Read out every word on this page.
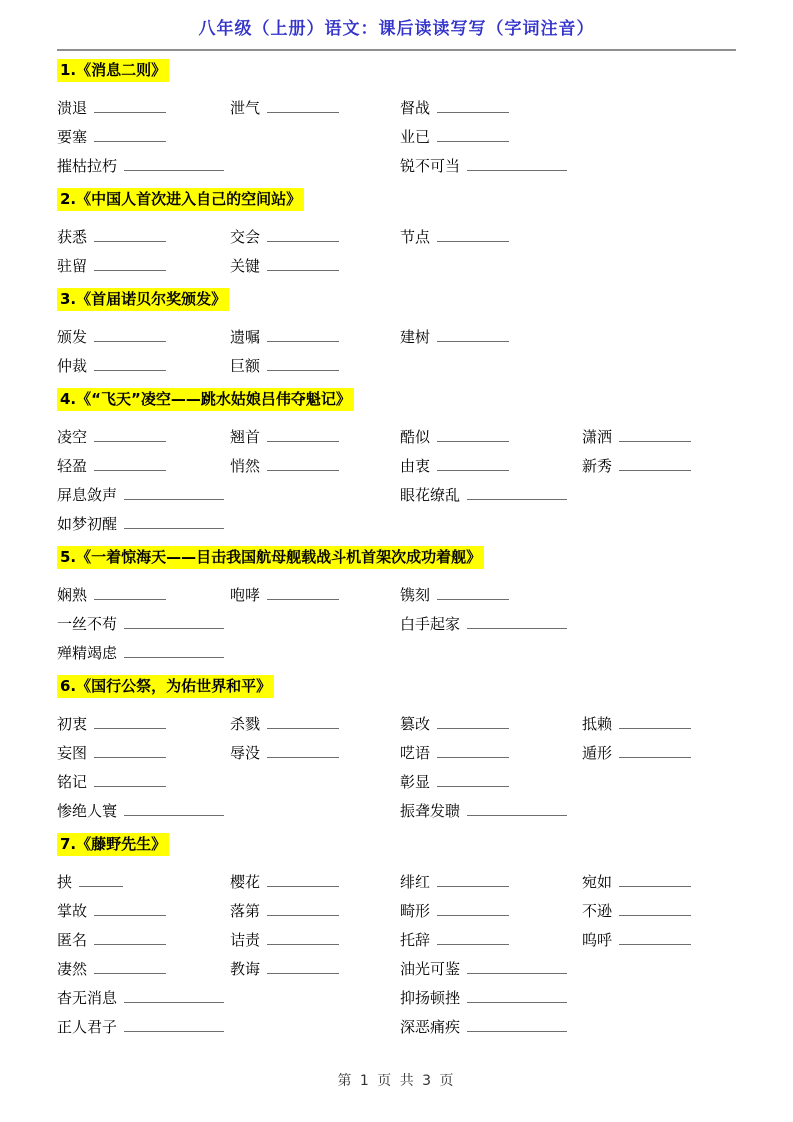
八年级（上册）语文：课后读读写写（字词注音）
1.《消息二则》
溃退	泄气	督战
要塞	业已
摧枯拉朽	锐不可当
2.《中国人首次进入自己的空间站》
获悉	交会	节点
驻留	关键
3.《首届诺贝尔奖颁发》
颁发	遗嘱	建树
仲裁	巨额
4.《“飞天”凌空——跳水姑娘吕伟夺魁记》
凌空	翘首	酷似	潇洒
轻盈	悄然	由衷	新秀
屏息敛声	眼花缭乱
如梦初醒
5.《一着惊海天——目击我国航母舰载战斗机首架次成功着舰》
娴熟	咆哮	镌刻
一丝不苟	白手起家
殚精竭虑
6.《国行公祭，为佑世界和平》
初衷	杀戮	篡改	抵赖
妄图	辱没	呓语	遁形
铭记	彰显
惨绝人寰	振聋发聩
7.《藤野先生》
挟	樱花	绯红	宛如
掌故	落第	畸形	不逊
匿名	诘责	托辞	呜呼
凄然	教诲	油光可鉴
杳无消息	抑扬顿挫
正人君子	深恶痛疾
第 1 页 共 3 页
